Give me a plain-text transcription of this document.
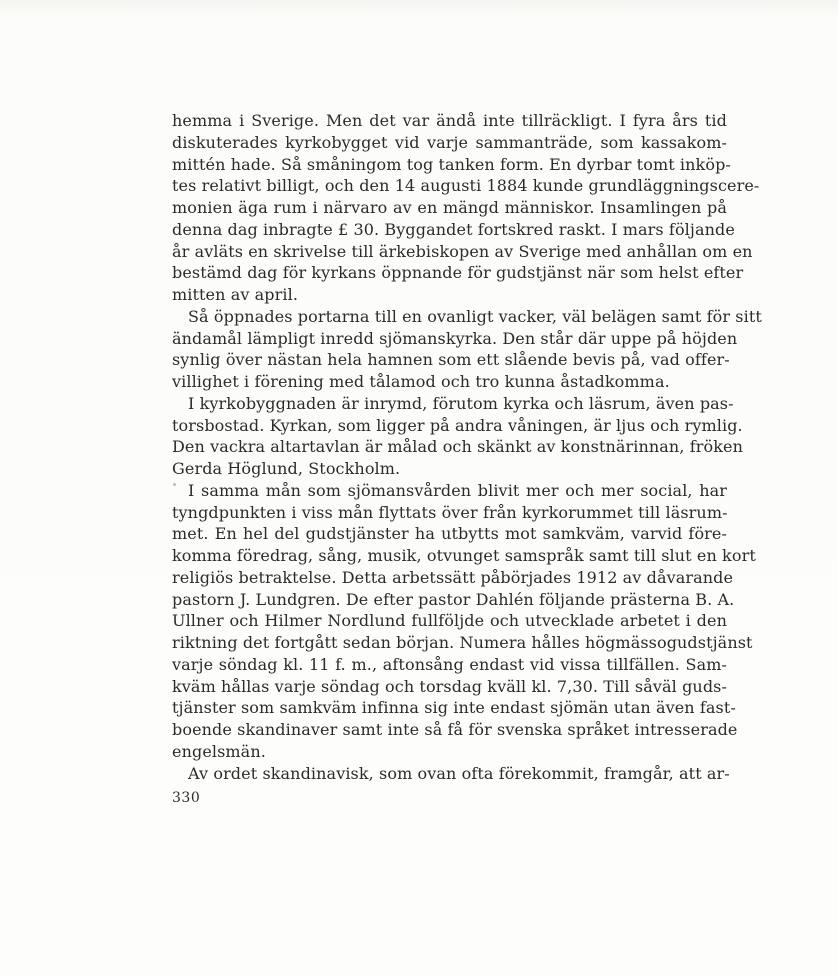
hemma i Sverige. Men det var ändå inte tillräckligt. I fyra års tid
diskuterades kyrkobygget vid varje sammanträde, som kassakom-
mittén hade. Så småningom tog tanken form. En dyrbar tomt inköp-
tes relativt billigt, och den 14 augusti 1884 kunde grundläggningscere-
monien äga rum i närvaro av en mängd människor. Insamlingen på
denna dag inbragte £ 30. Byggandet fortskred raskt. I mars följande
år avläts en skrivelse till ärkebiskopen av Sverige med anhållan om en
bestämd dag för kyrkans öppnande för gudstjänst när som helst efter
mitten av april.
Så öppnades portarna till en ovanligt vacker, väl belägen samt för sitt
ändamål lämpligt inredd sjömanskyrka. Den står där uppe på höjden
synlig över nästan hela hamnen som ett slående bevis på, vad offer-
villighet i förening med tålamod och tro kunna åstadkomma.
I kyrkobyggnaden är inrymd, förutom kyrka och läsrum, även pas-
torsbostad. Kyrkan, som ligger på andra våningen, är ljus och rymlig.
Den vackra altartavlan är målad och skänkt av konstnärinnan, fröken
Gerda Höglund, Stockholm.
I samma mån som sjömansvården blivit mer och mer social, har
tyngdpunkten i viss mån flyttats över från kyrkorummet till läsrum-
met. En hel del gudstjänster ha utbytts mot samkväm, varvid före-
komma föredrag, sång, musik, otvunget samspråk samt till slut en kort
religiös betraktelse. Detta arbetssätt påbörjades 1912 av dåvarande
pastorn J. Lundgren. De efter pastor Dahlén följande prästerna B. A.
Ullner och Hilmer Nordlund fullföljde och utvecklade arbetet i den
riktning det fortgått sedan början. Numera hålles högmässogudstjänst
varje söndag kl. 11 f. m., aftonsång endast vid vissa tillfällen. Sam-
kväm hållas varje söndag och torsdag kväll kl. 7,30. Till såväl guds-
tjänster som samkväm infinna sig inte endast sjömän utan även fast-
boende skandinaver samt inte så få för svenska språket intresserade
engelsmän.
Av ordet skandinavisk, som ovan ofta förekommit, framgår, att ar-
330
